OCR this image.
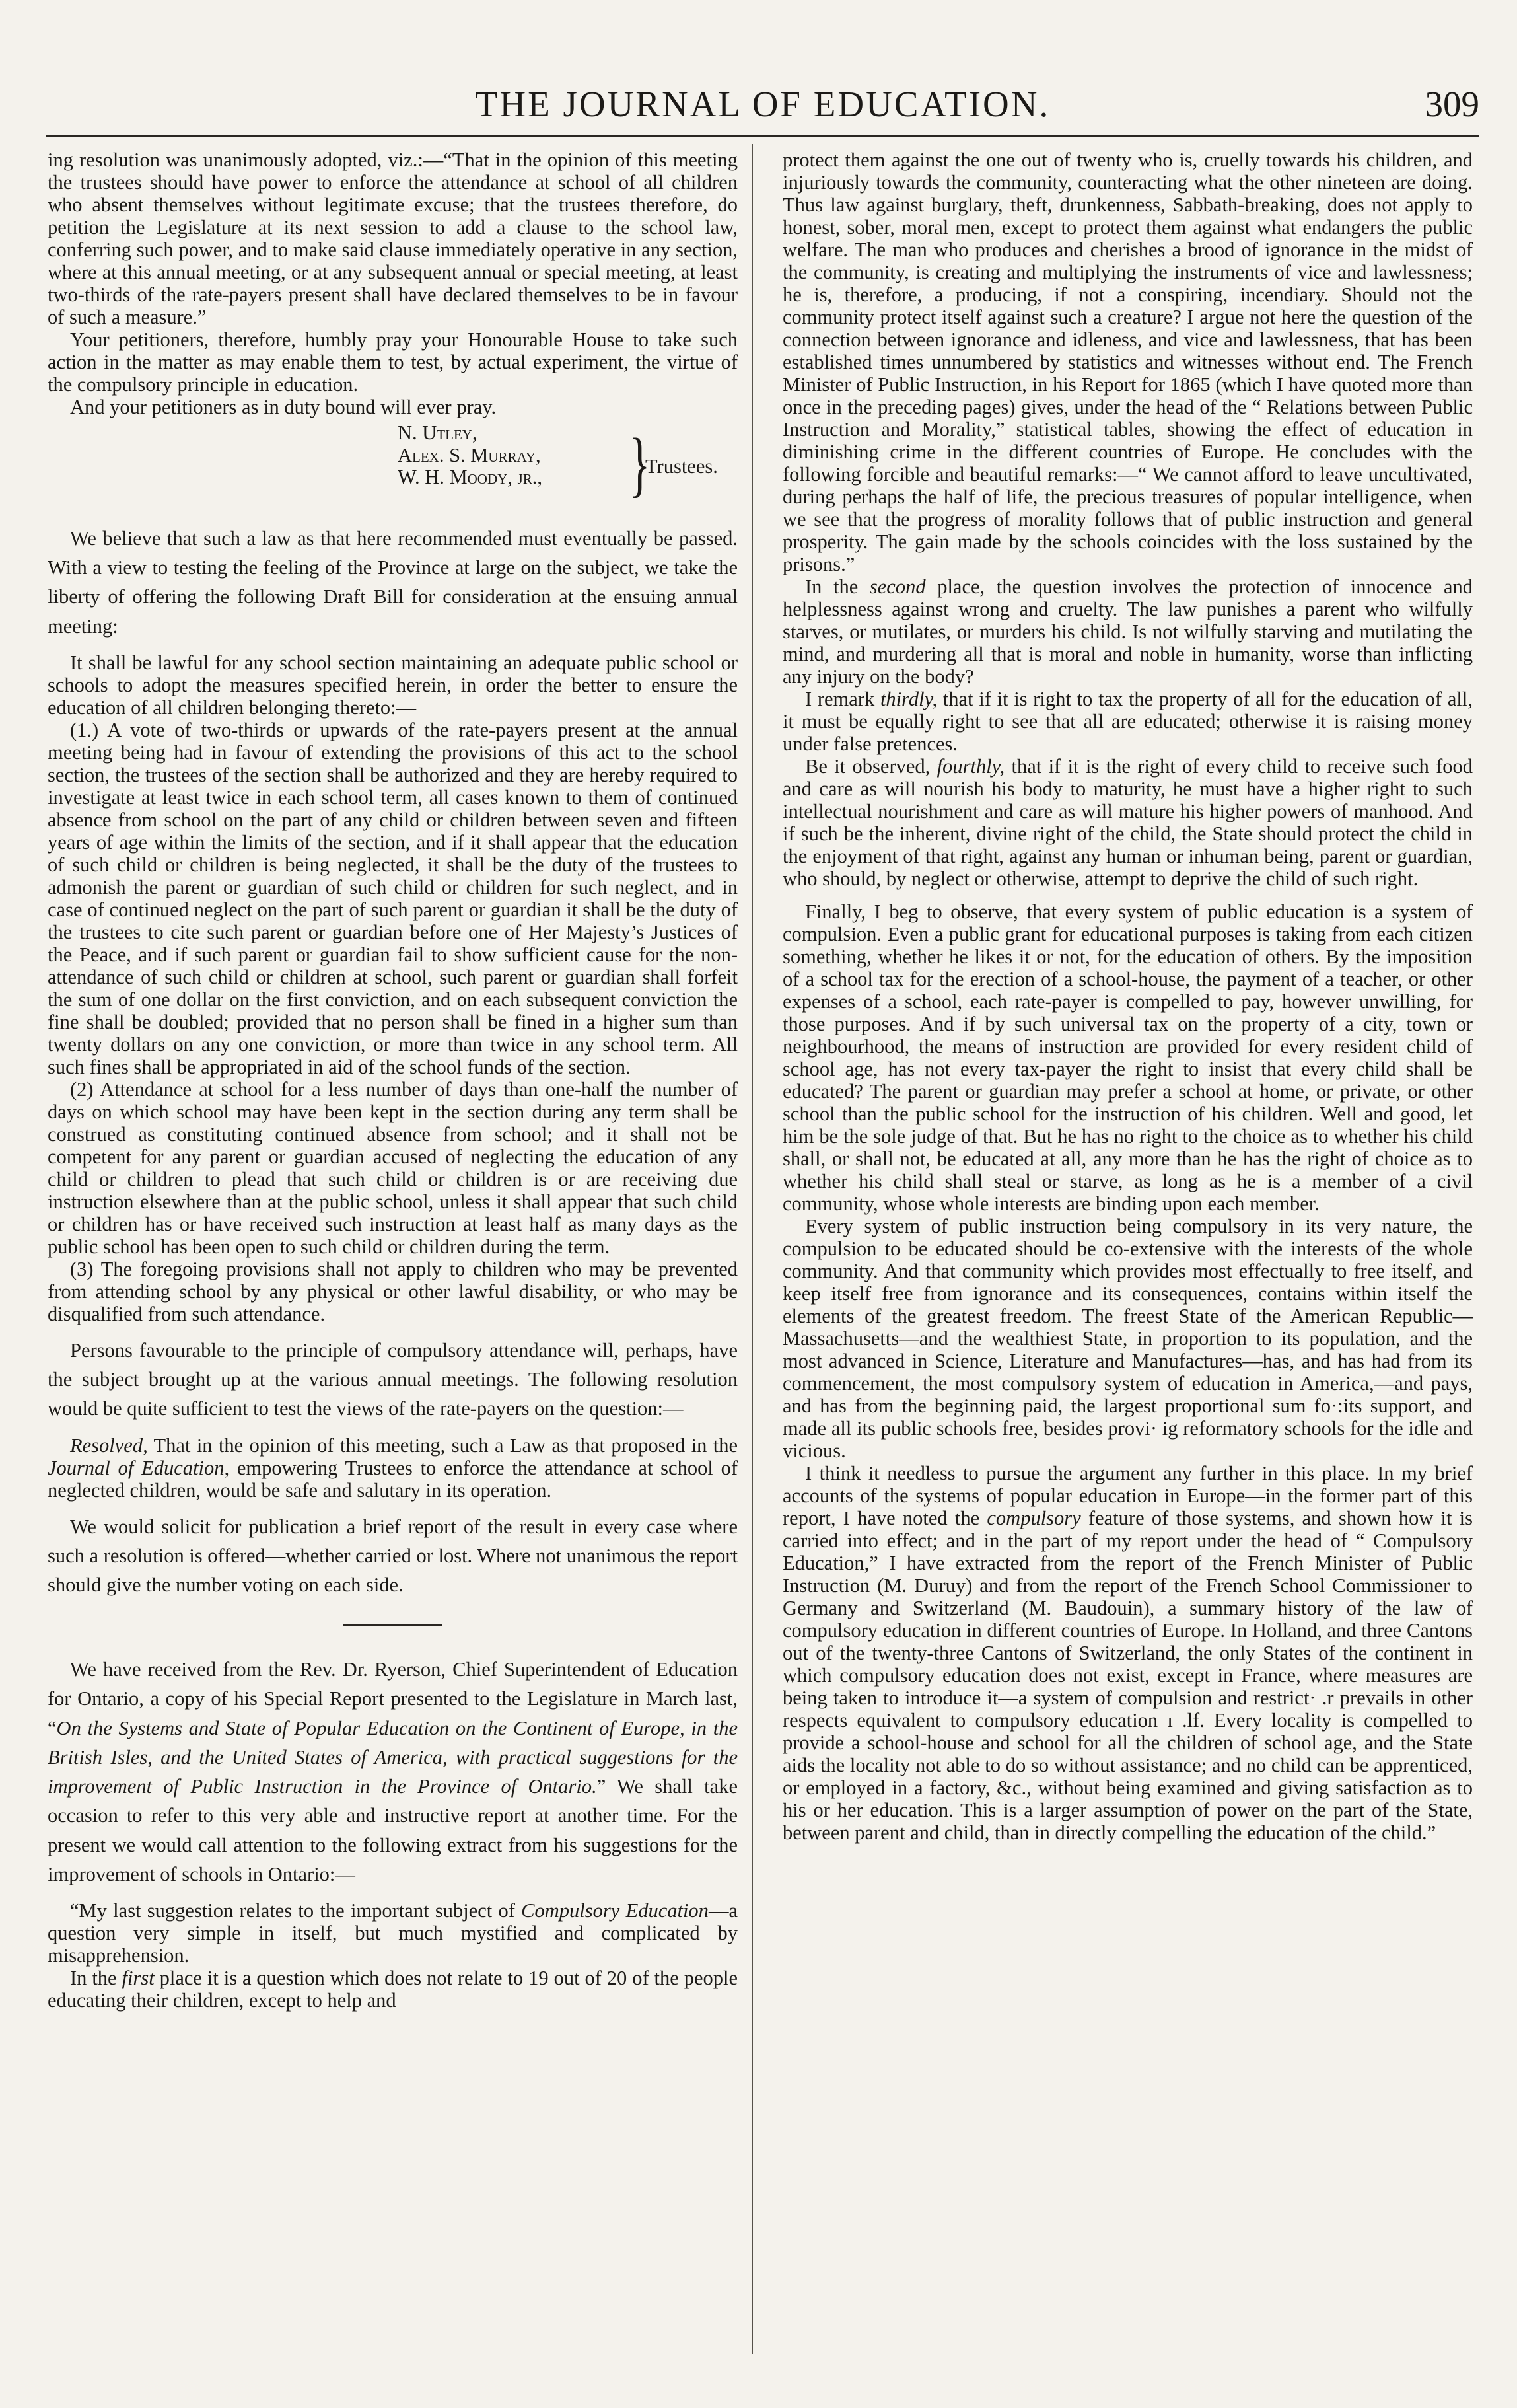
THE JOURNAL OF EDUCATION.	309

ing resolution was unanimously adopted, viz.:—“That in the opinion of this meeting the trustees should have power to enforce the attendance at school of all children who absent themselves without legitimate excuse; that the trustees therefore, do petition the Legislature at its next session to add a clause to the school law, conferring such power, and to make said clause immediately operative in any section, where at this annual meeting, or at any subsequent annual or special meeting, at least two-thirds of the rate-payers present shall have declared themselves to be in favour of such a measure.”

Your petitioners, therefore, humbly pray your Honourable House to take such action in the matter as may enable them to test, by actual experiment, the virtue of the compulsory principle in education.

And your petitioners as in duty bound will ever pray.

N. Utley,
Alex. S. Murray,
W. H. Moody, jr., }
Trustees.

We believe that such a law as that here recommended must eventually be passed. With a view to testing the feeling of the Province at large on the subject, we take the liberty of offering the following Draft Bill for consideration at the ensuing annual meeting:

It shall be lawful for any school section maintaining an adequate public school or schools to adopt the measures specified herein, in order the better to ensure the education of all children belonging thereto:—

(1.) A vote of two-thirds or upwards of the rate-payers present at the annual meeting being had in favour of extending the provisions of this act to the school section, the trustees of the section shall be authorized and they are hereby required to investigate at least twice in each school term, all cases known to them of continued absence from school on the part of any child or children between seven and fifteen years of age within the limits of the section, and if it shall appear that the education of such child or children is being neglected, it shall be the duty of the trustees to admonish the parent or guardian of such child or children for such neglect, and in case of continued neglect on the part of such parent or guardian it shall be the duty of the trustees to cite such parent or guardian before one of Her Majesty’s Justices of the Peace, and if such parent or guardian fail to show sufficient cause for the non-attendance of such child or children at school, such parent or guardian shall forfeit the sum of one dollar on the first conviction, and on each subsequent conviction the fine shall be doubled; provided that no person shall be fined in a higher sum than twenty dollars on any one conviction, or more than twice in any school term. All such fines shall be appropriated in aid of the school funds of the section.

(2) Attendance at school for a less number of days than one-half the number of days on which school may have been kept in the section during any term shall be construed as constituting continued absence from school; and it shall not be competent for any parent or guardian accused of neglecting the education of any child or children to plead that such child or children is or are receiving due instruction elsewhere than at the public school, unless it shall appear that such child or children has or have received such instruction at least half as many days as the public school has been open to such child or children during the term.

(3) The foregoing provisions shall not apply to children who may be prevented from attending school by any physical or other lawful disability, or who may be disqualified from such attendance.

Persons favourable to the principle of compulsory attendance will, perhaps, have the subject brought up at the various annual meetings. The following resolution would be quite sufficient to test the views of the rate-payers on the question:—

Resolved, That in the opinion of this meeting, such a Law as that proposed in the Journal of Education, empowering Trustees to enforce the attendance at school of neglected children, would be safe and salutary in its operation.

We would solicit for publication a brief report of the result in every case where such a resolution is offered—whether carried or lost. Where not unanimous the report should give the number voting on each side.

We have received from the Rev. Dr. Ryerson, Chief Superintendent of Education for Ontario, a copy of his Special Report presented to the Legislature in March last, “On the Systems and State of Popular Education on the Continent of Europe, in the British Isles, and the United States of America, with practical suggestions for the improvement of Public Instruction in the Province of Ontario.” We shall take occasion to refer to this very able and instructive report at another time. For the present we would call attention to the following extract from his suggestions for the improvement of schools in Ontario:—

“My last suggestion relates to the important subject of Compulsory Education—a question very simple in itself, but much mystified and complicated by misapprehension.

In the first place it is a question which does not relate to 19 out of 20 of the people educating their children, except to help and

protect them against the one out of twenty who is, cruelly towards his children, and injuriously towards the community, counteracting what the other nineteen are doing. Thus law against burglary, theft, drunkenness, Sabbath-breaking, does not apply to honest, sober, moral men, except to protect them against what endangers the public welfare. The man who produces and cherishes a brood of ignorance in the midst of the community, is creating and multiplying the instruments of vice and lawlessness; he is, therefore, a producing, if not a conspiring, incendiary. Should not the community protect itself against such a creature? I argue not here the question of the connection between ignorance and idleness, and vice and lawlessness, that has been established times unnumbered by statistics and witnesses without end. The French Minister of Public Instruction, in his Report for 1865 (which I have quoted more than once in the preceding pages) gives, under the head of the “ Relations between Public Instruction and Morality,” statistical tables, showing the effect of education in diminishing crime in the different countries of Europe. He concludes with the following forcible and beautiful remarks:—“ We cannot afford to leave uncultivated, during perhaps the half of life, the precious treasures of popular intelligence, when we see that the progress of morality follows that of public instruction and general prosperity. The gain made by the schools coincides with the loss sustained by the prisons.”

In the second place, the question involves the protection of innocence and helplessness against wrong and cruelty. The law punishes a parent who wilfully starves, or mutilates, or murders his child. Is not wilfully starving and mutilating the mind, and murdering all that is moral and noble in humanity, worse than inflicting any injury on the body?

I remark thirdly, that if it is right to tax the property of all for the education of all, it must be equally right to see that all are educated; otherwise it is raising money under false pretences.

Be it observed, fourthly, that if it is the right of every child to receive such food and care as will nourish his body to maturity, he must have a higher right to such intellectual nourishment and care as will mature his higher powers of manhood. And if such be the inherent, divine right of the child, the State should protect the child in the enjoyment of that right, against any human or inhuman being, parent or guardian, who should, by neglect or otherwise, attempt to deprive the child of such right.

Finally, I beg to observe, that every system of public education is a system of compulsion. Even a public grant for educational purposes is taking from each citizen something, whether he likes it or not, for the education of others. By the imposition of a school tax for the erection of a school-house, the payment of a teacher, or other expenses of a school, each rate-payer is compelled to pay, however unwilling, for those purposes. And if by such universal tax on the property of a city, town or neighbourhood, the means of instruction are provided for every resident child of school age, has not every tax-payer the right to insist that every child shall be educated? The parent or guardian may prefer a school at home, or private, or other school than the public school for the instruction of his children. Well and good, let him be the sole judge of that. But he has no right to the choice as to whether his child shall, or shall not, be educated at all, any more than he has the right of choice as to whether his child shall steal or starve, as long as he is a member of a civil community, whose whole interests are binding upon each member.

Every system of public instruction being compulsory in its very nature, the compulsion to be educated should be co-extensive with the interests of the whole community. And that community which provides most effectually to free itself, and keep itself free from ignorance and its consequences, contains within itself the elements of the greatest freedom. The freest State of the American Republic—Massachusetts—and the wealthiest State, in proportion to its population, and the most advanced in Science, Literature and Manufactures—has, and has had from its commencement, the most compulsory system of education in America,—and pays, and has from the beginning paid, the largest proportional sum fo·:its support, and made all its public schools free, besides provi· ig reformatory schools for the idle and vicious.

I think it needless to pursue the argument any further in this place. In my brief accounts of the systems of popular education in Europe—in the former part of this report, I have noted the compulsory feature of those systems, and shown how it is carried into effect; and in the part of my report under the head of “ Compulsory Education,” I have extracted from the report of the French Minister of Public Instruction (M. Duruy) and from the report of the French School Commissioner to Germany and Switzerland (M. Baudouin), a summary history of the law of compulsory education in different countries of Europe. In Holland, and three Cantons out of the twenty-three Cantons of Switzerland, the only States of the continent in which compulsory education does not exist, except in France, where measures are being taken to introduce it—a system of compulsion and restrict· .r prevails in other respects equivalent to compulsory education ı .lf. Every locality is compelled to provide a school-house and school for all the children of school age, and the State aids the locality not able to do so without assistance; and no child can be apprenticed, or employed in a factory, &c., without being examined and giving satisfaction as to his or her education. This is a larger assumption of power on the part of the State, between parent and child, than in directly compelling the education of the child.”
